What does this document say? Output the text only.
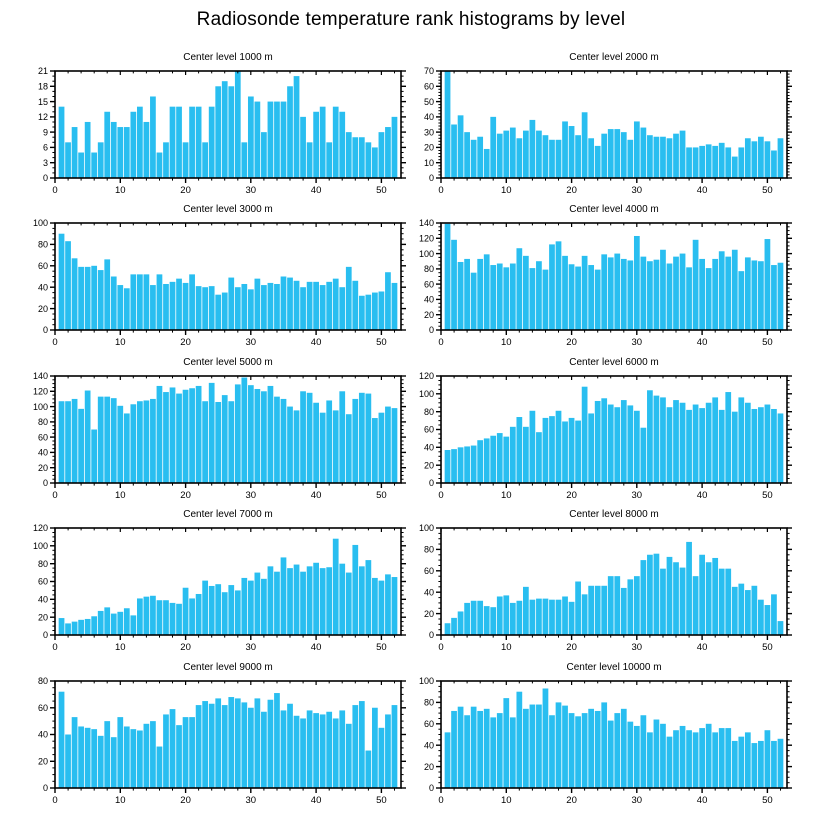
Radiosonde temperature rank histograms by level
Center level 1000 m
0
3
6
9
12
15
18
21
0	10	20	30	40	50
Center level 2000 m
0
10
20
30
40
50
60
70
0	10	20	30	40	50
Center level 3000 m
0
20
40
60
80
100
0	10	20	30	40	50
Center level 4000 m
0
20
40
60
80
100
120
140
0	10	20	30	40	50
Center level 5000 m
0
20
40
60
80
100
120
140
0	10	20	30	40	50
Center level 6000 m
0
20
40
60
80
100
120
0	10	20	30	40	50
Center level 7000 m
0
20
40
60
80
100
120
0	10	20	30	40	50
Center level 8000 m
0
20
40
60
80
100
0	10	20	30	40	50
Center level 9000 m
0
20
40
60
80
0	10	20	30	40	50
Center level 10000 m
0
20
40
60
80
100
0	10	20	30	40	50
